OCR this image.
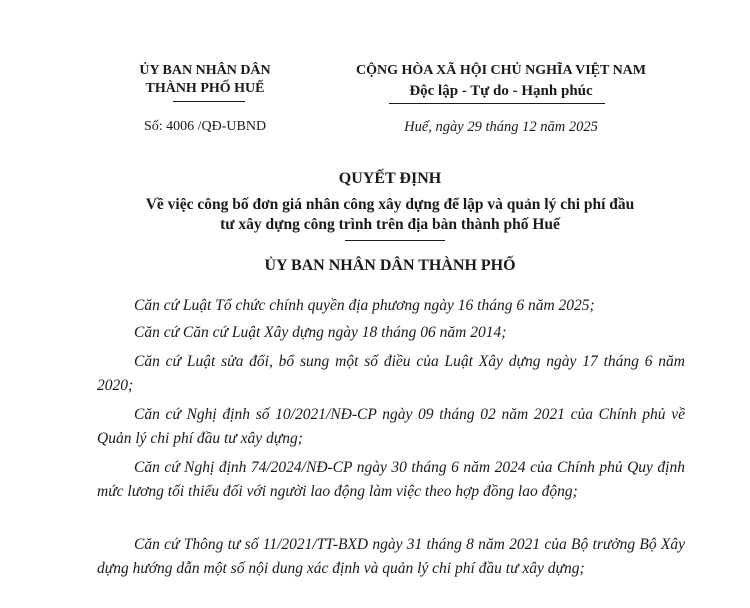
ỦY BAN NHÂN DÂN
THÀNH PHỐ HUẾ
CỘNG HÒA XÃ HỘI CHỦ NGHĨA VIỆT NAM
Độc lập - Tự do - Hạnh phúc
Số: 4006 /QĐ-UBND	Huế, ngày 29 tháng 12 năm 2025
QUYẾT ĐỊNH
Về việc công bố đơn giá nhân công xây dựng để lập và quản lý chi phí đầu
tư xây dựng công trình trên địa bàn thành phố Huế
ỦY BAN NHÂN DÂN THÀNH PHỐ
Căn cứ Luật Tổ chức chính quyền địa phương ngày 16 tháng 6 năm 2025;
Căn cứ Căn cứ Luật Xây dựng ngày 18 tháng 06 năm 2014;
Căn cứ Luật sửa đổi, bổ sung một số điều của Luật Xây dựng ngày 17 tháng 6 năm 2020;
Căn cứ Nghị định số 10/2021/NĐ-CP ngày 09 tháng 02 năm 2021 của Chính phủ về Quản lý chi phí đầu tư xây dựng;
Căn cứ Nghị định 74/2024/NĐ-CP ngày 30 tháng 6 năm 2024 của Chính phủ Quy định mức lương tối thiểu đối với người lao động làm việc theo hợp đồng lao động;
Căn cứ Thông tư số 11/2021/TT-BXD ngày 31 tháng 8 năm 2021 của Bộ trưởng Bộ Xây dựng hướng dẫn một số nội dung xác định và quản lý chi phí đầu tư xây dựng;
